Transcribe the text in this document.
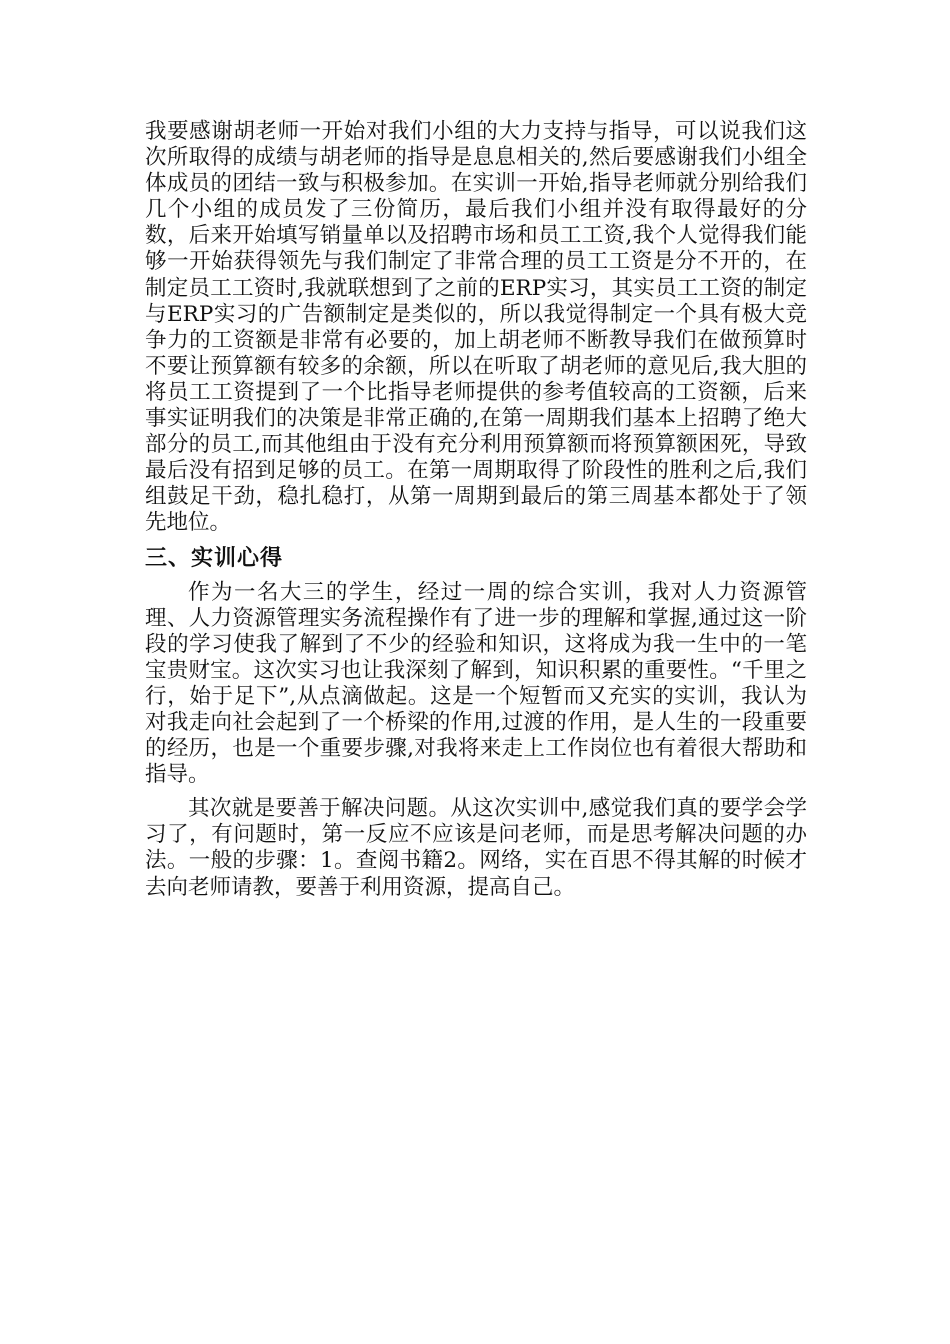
我要感谢胡老师一开始对我们小组的大力支持与指导，可以说我们这次所取得的成绩与胡老师的指导是息息相关的,然后要感谢我们小组全体成员的团结一致与积极参加。在实训一开始,指导老师就分别给我们几个小组的成员发了三份简历，最后我们小组并没有取得最好的分数，后来开始填写销量单以及招聘市场和员工工资,我个人觉得我们能够一开始获得领先与我们制定了非常合理的员工工资是分不开的，在制定员工工资时,我就联想到了之前的ERP实习，其实员工工资的制定与ERP实习的广告额制定是类似的，所以我觉得制定一个具有极大竞争力的工资额是非常有必要的，加上胡老师不断教导我们在做预算时不要让预算额有较多的余额，所以在听取了胡老师的意见后,我大胆的将员工工资提到了一个比指导老师提供的参考值较高的工资额，后来事实证明我们的决策是非常正确的,在第一周期我们基本上招聘了绝大部分的员工,而其他组由于没有充分利用预算额而将预算额困死，导致最后没有招到足够的员工。在第一周期取得了阶段性的胜利之后,我们组鼓足干劲，稳扎稳打，从第一周期到最后的第三周基本都处于了领先地位。

三、实训心得

作为一名大三的学生，经过一周的综合实训，我对人力资源管理、人力资源管理实务流程操作有了进一步的理解和掌握,通过这一阶段的学习使我了解到了不少的经验和知识，这将成为我一生中的一笔宝贵财宝。这次实习也让我深刻了解到，知识积累的重要性。“千里之行，始于足下”,从点滴做起。这是一个短暂而又充实的实训，我认为对我走向社会起到了一个桥梁的作用,过渡的作用，是人生的一段重要的经历，也是一个重要步骤,对我将来走上工作岗位也有着很大帮助和指导。

其次就是要善于解决问题。从这次实训中,感觉我们真的要学会学习了，有问题时，第一反应不应该是问老师，而是思考解决问题的办法。一般的步骤：1。查阅书籍2。网络，实在百思不得其解的时候才去向老师请教，要善于利用资源，提高自己。
